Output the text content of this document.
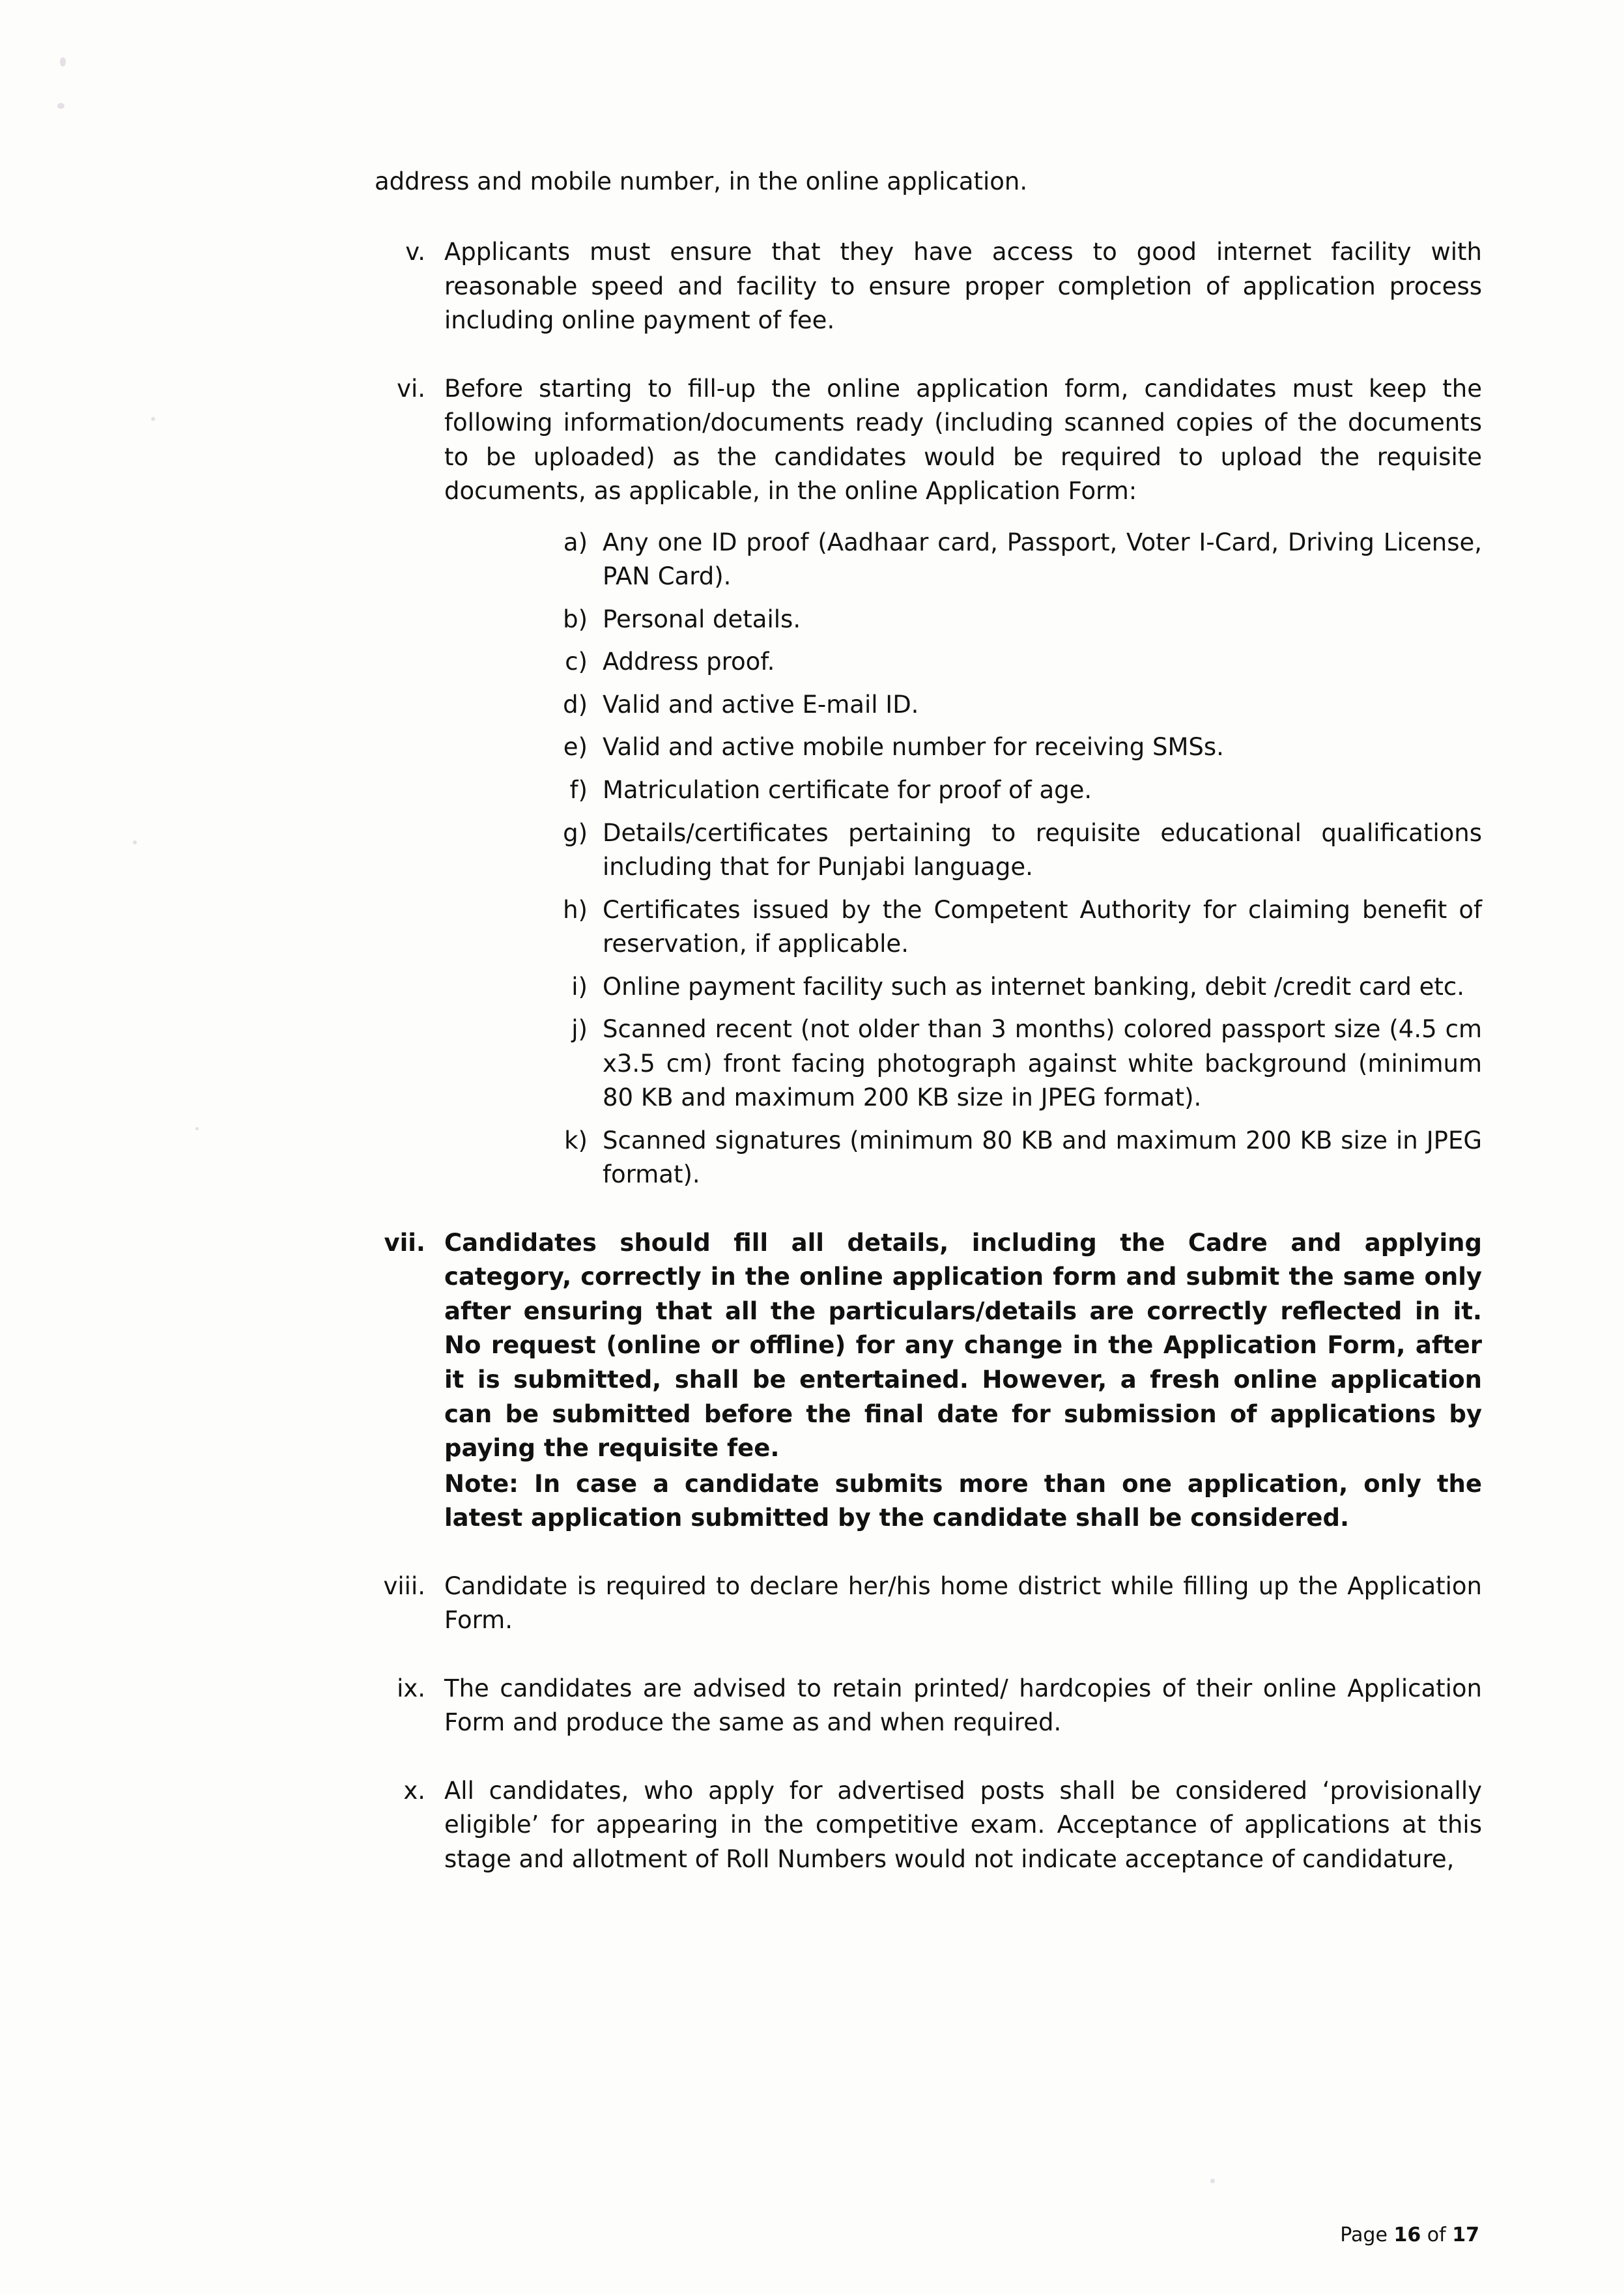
address and mobile number, in the online application.

v. Applicants must ensure that they have access to good internet facility with reasonable speed and facility to ensure proper completion of application process including online payment of fee.
vi. Before starting to fill-up the online application form, candidates must keep the following information/documents ready (including scanned copies of the documents to be uploaded) as the candidates would be required to upload the requisite documents, as applicable, in the online Application Form:
a) Any one ID proof (Aadhaar card, Passport, Voter I-Card, Driving License, PAN Card).
b) Personal details.
c) Address proof.
d) Valid and active E-mail ID.
e) Valid and active mobile number for receiving SMSs.
f) Matriculation certificate for proof of age.
g) Details/certificates pertaining to requisite educational qualifications including that for Punjabi language.
h) Certificates issued by the Competent Authority for claiming benefit of reservation, if applicable.
i) Online payment facility such as internet banking, debit /credit card etc.
j) Scanned recent (not older than 3 months) colored passport size (4.5 cm x3.5 cm) front facing photograph against white background (minimum 80 KB and maximum 200 KB size in JPEG format).
k) Scanned signatures (minimum 80 KB and maximum 200 KB size in JPEG format).
vii. Candidates should fill all details, including the Cadre and applying category, correctly in the online application form and submit the same only after ensuring that all the particulars/details are correctly reflected in it. No request (online or offline) for any change in the Application Form, after it is submitted, shall be entertained. However, a fresh online application can be submitted before the final date for submission of applications by paying the requisite fee.
Note: In case a candidate submits more than one application, only the latest application submitted by the candidate shall be considered.
viii. Candidate is required to declare her/his home district while filling up the Application Form.
ix. The candidates are advised to retain printed/ hardcopies of their online Application Form and produce the same as and when required.
x. All candidates, who apply for advertised posts shall be considered ‘provisionally eligible’ for appearing in the competitive exam. Acceptance of applications at this stage and allotment of Roll Numbers would not indicate acceptance of candidature,
Page 16 of 17
